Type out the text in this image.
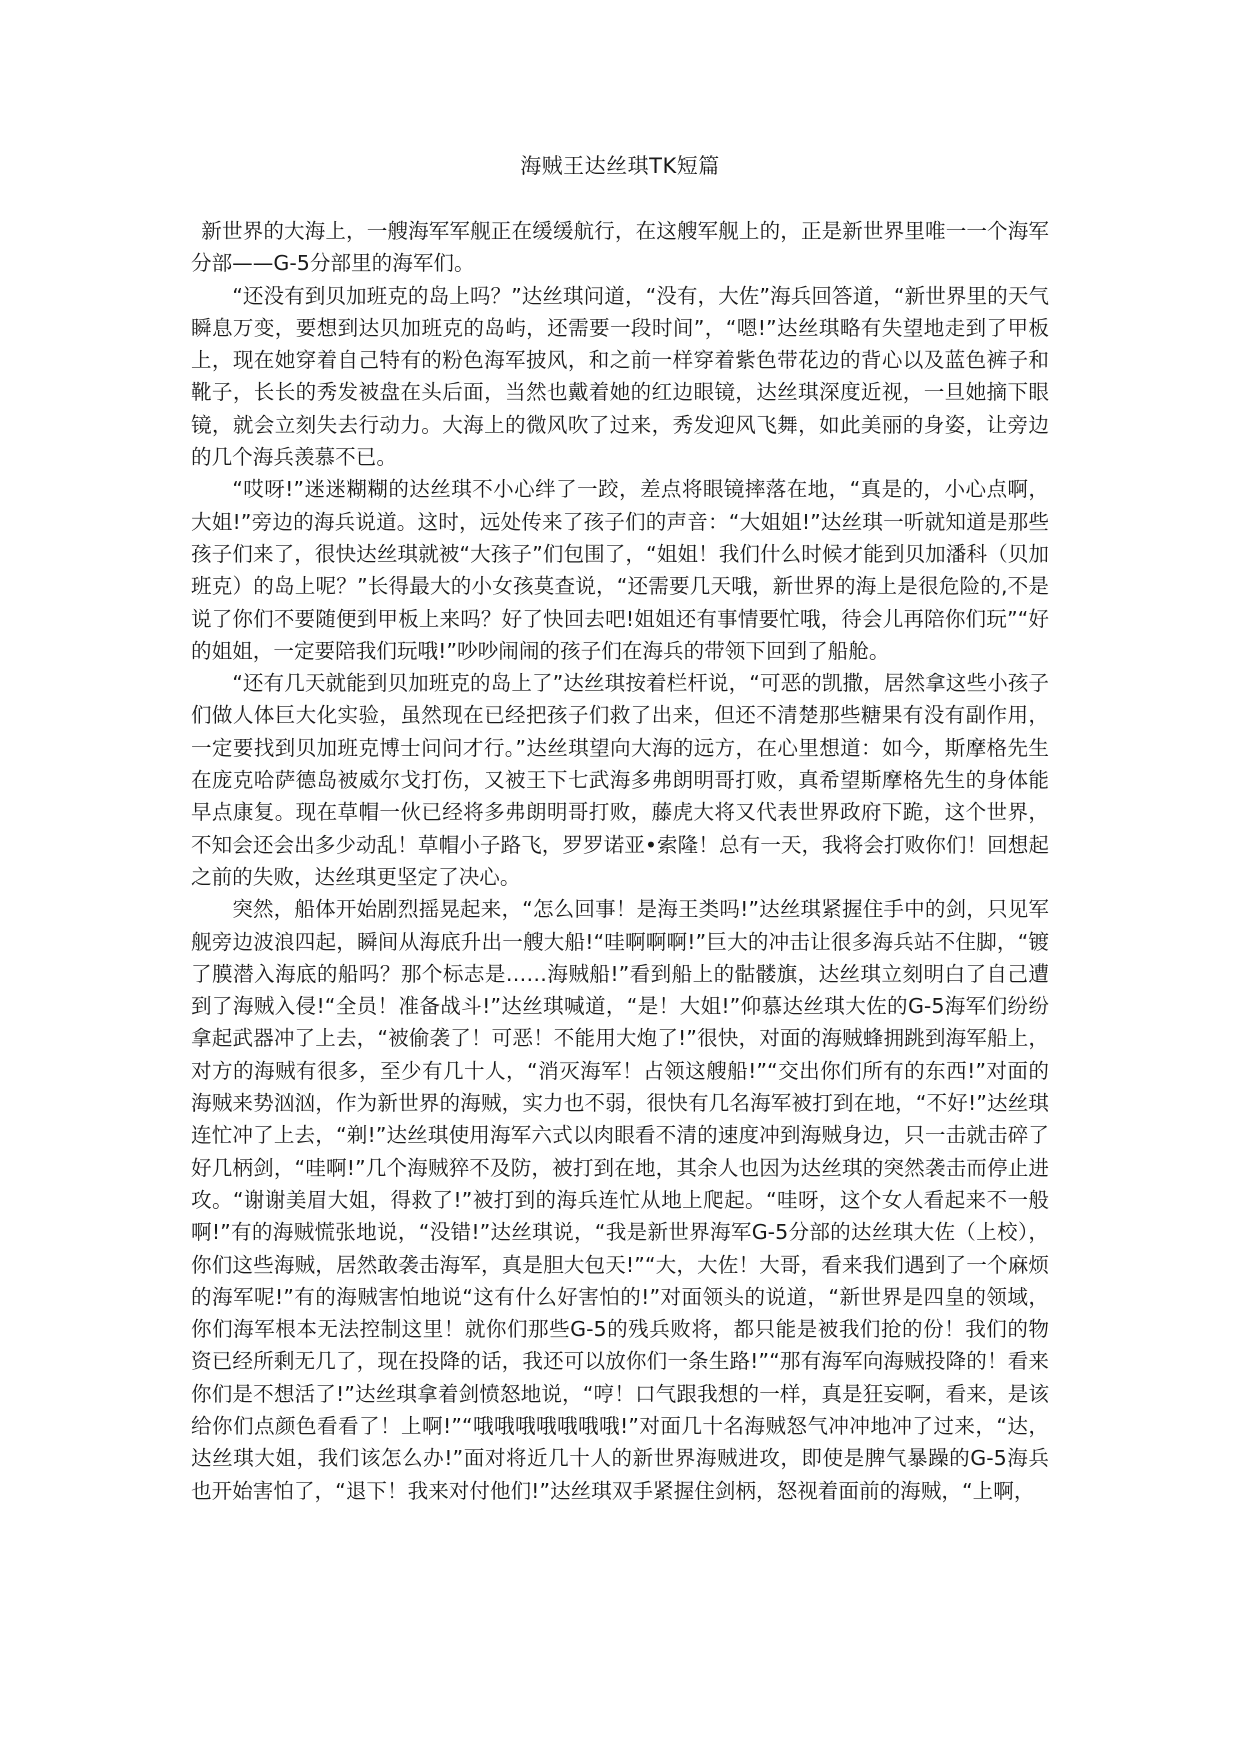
海贼王达丝琪TK短篇

新世界的大海上，一艘海军军舰正在缓缓航行，在这艘军舰上的，正是新世界里唯一一个海军分部——G-5分部里的海军们。

“还没有到贝加班克的岛上吗？”达丝琪问道，“没有，大佐”海兵回答道，“新世界里的天气瞬息万变，要想到达贝加班克的岛屿，还需要一段时间”，“嗯!”达丝琪略有失望地走到了甲板上，现在她穿着自己特有的粉色海军披风，和之前一样穿着紫色带花边的背心以及蓝色裤子和靴子，长长的秀发被盘在头后面，当然也戴着她的红边眼镜，达丝琪深度近视，一旦她摘下眼镜，就会立刻失去行动力。大海上的微风吹了过来，秀发迎风飞舞，如此美丽的身姿，让旁边的几个海兵羡慕不已。

“哎呀!”迷迷糊糊的达丝琪不小心绊了一跤，差点将眼镜摔落在地，“真是的，小心点啊，大姐!”旁边的海兵说道。这时，远处传来了孩子们的声音：“大姐姐!”达丝琪一听就知道是那些孩子们来了，很快达丝琪就被“大孩子”们包围了，“姐姐！我们什么时候才能到贝加潘科（贝加班克）的岛上呢？”长得最大的小女孩莫查说，“还需要几天哦，新世界的海上是很危险的,不是说了你们不要随便到甲板上来吗？好了快回去吧!姐姐还有事情要忙哦，待会儿再陪你们玩”“好的姐姐，一定要陪我们玩哦!”吵吵闹闹的孩子们在海兵的带领下回到了船舱。

“还有几天就能到贝加班克的岛上了”达丝琪按着栏杆说，“可恶的凯撒，居然拿这些小孩子们做人体巨大化实验，虽然现在已经把孩子们救了出来，但还不清楚那些糖果有没有副作用，一定要找到贝加班克博士问问才行。”达丝琪望向大海的远方，在心里想道：如今，斯摩格先生在庞克哈萨德岛被威尔戈打伤，又被王下七武海多弗朗明哥打败，真希望斯摩格先生的身体能早点康复。现在草帽一伙已经将多弗朗明哥打败，藤虎大将又代表世界政府下跪，这个世界，不知会还会出多少动乱！草帽小子路飞，罗罗诺亚•索隆！总有一天，我将会打败你们！回想起之前的失败，达丝琪更坚定了决心。

突然，船体开始剧烈摇晃起来，“怎么回事！是海王类吗!”达丝琪紧握住手中的剑，只见军舰旁边波浪四起，瞬间从海底升出一艘大船!“哇啊啊啊!”巨大的冲击让很多海兵站不住脚，“镀了膜潜入海底的船吗？那个标志是……海贼船!”看到船上的骷髅旗，达丝琪立刻明白了自己遭到了海贼入侵!“全员！准备战斗!”达丝琪喊道，“是！大姐!”仰慕达丝琪大佐的G-5海军们纷纷拿起武器冲了上去，“被偷袭了！可恶！不能用大炮了!”很快，对面的海贼蜂拥跳到海军船上，对方的海贼有很多，至少有几十人，“消灭海军！占领这艘船!”“交出你们所有的东西!”对面的海贼来势汹汹，作为新世界的海贼，实力也不弱，很快有几名海军被打到在地，“不好!”达丝琪连忙冲了上去，“剃!”达丝琪使用海军六式以肉眼看不清的速度冲到海贼身边，只一击就击碎了好几柄剑，“哇啊!”几个海贼猝不及防，被打到在地，其余人也因为达丝琪的突然袭击而停止进攻。“谢谢美眉大姐，得救了!”被打到的海兵连忙从地上爬起。“哇呀，这个女人看起来不一般啊!”有的海贼慌张地说，“没错!”达丝琪说，“我是新世界海军G-5分部的达丝琪大佐（上校），你们这些海贼，居然敢袭击海军，真是胆大包天!”“大，大佐！大哥，看来我们遇到了一个麻烦的海军呢!”有的海贼害怕地说“这有什么好害怕的!”对面领头的说道，“新世界是四皇的领域，你们海军根本无法控制这里！就你们那些G-5的残兵败将，都只能是被我们抢的份！我们的物资已经所剩无几了，现在投降的话，我还可以放你们一条生路!”“那有海军向海贼投降的！看来你们是不想活了!”达丝琪拿着剑愤怒地说，“哼！口气跟我想的一样，真是狂妄啊，看来，是该给你们点颜色看看了！上啊!”“哦哦哦哦哦哦哦!”对面几十名海贼怒气冲冲地冲了过来，“达，达丝琪大姐，我们该怎么办!”面对将近几十人的新世界海贼进攻，即使是脾气暴躁的G-5海兵也开始害怕了，“退下！我来对付他们!”达丝琪双手紧握住剑柄，怒视着面前的海贼，“上啊，
